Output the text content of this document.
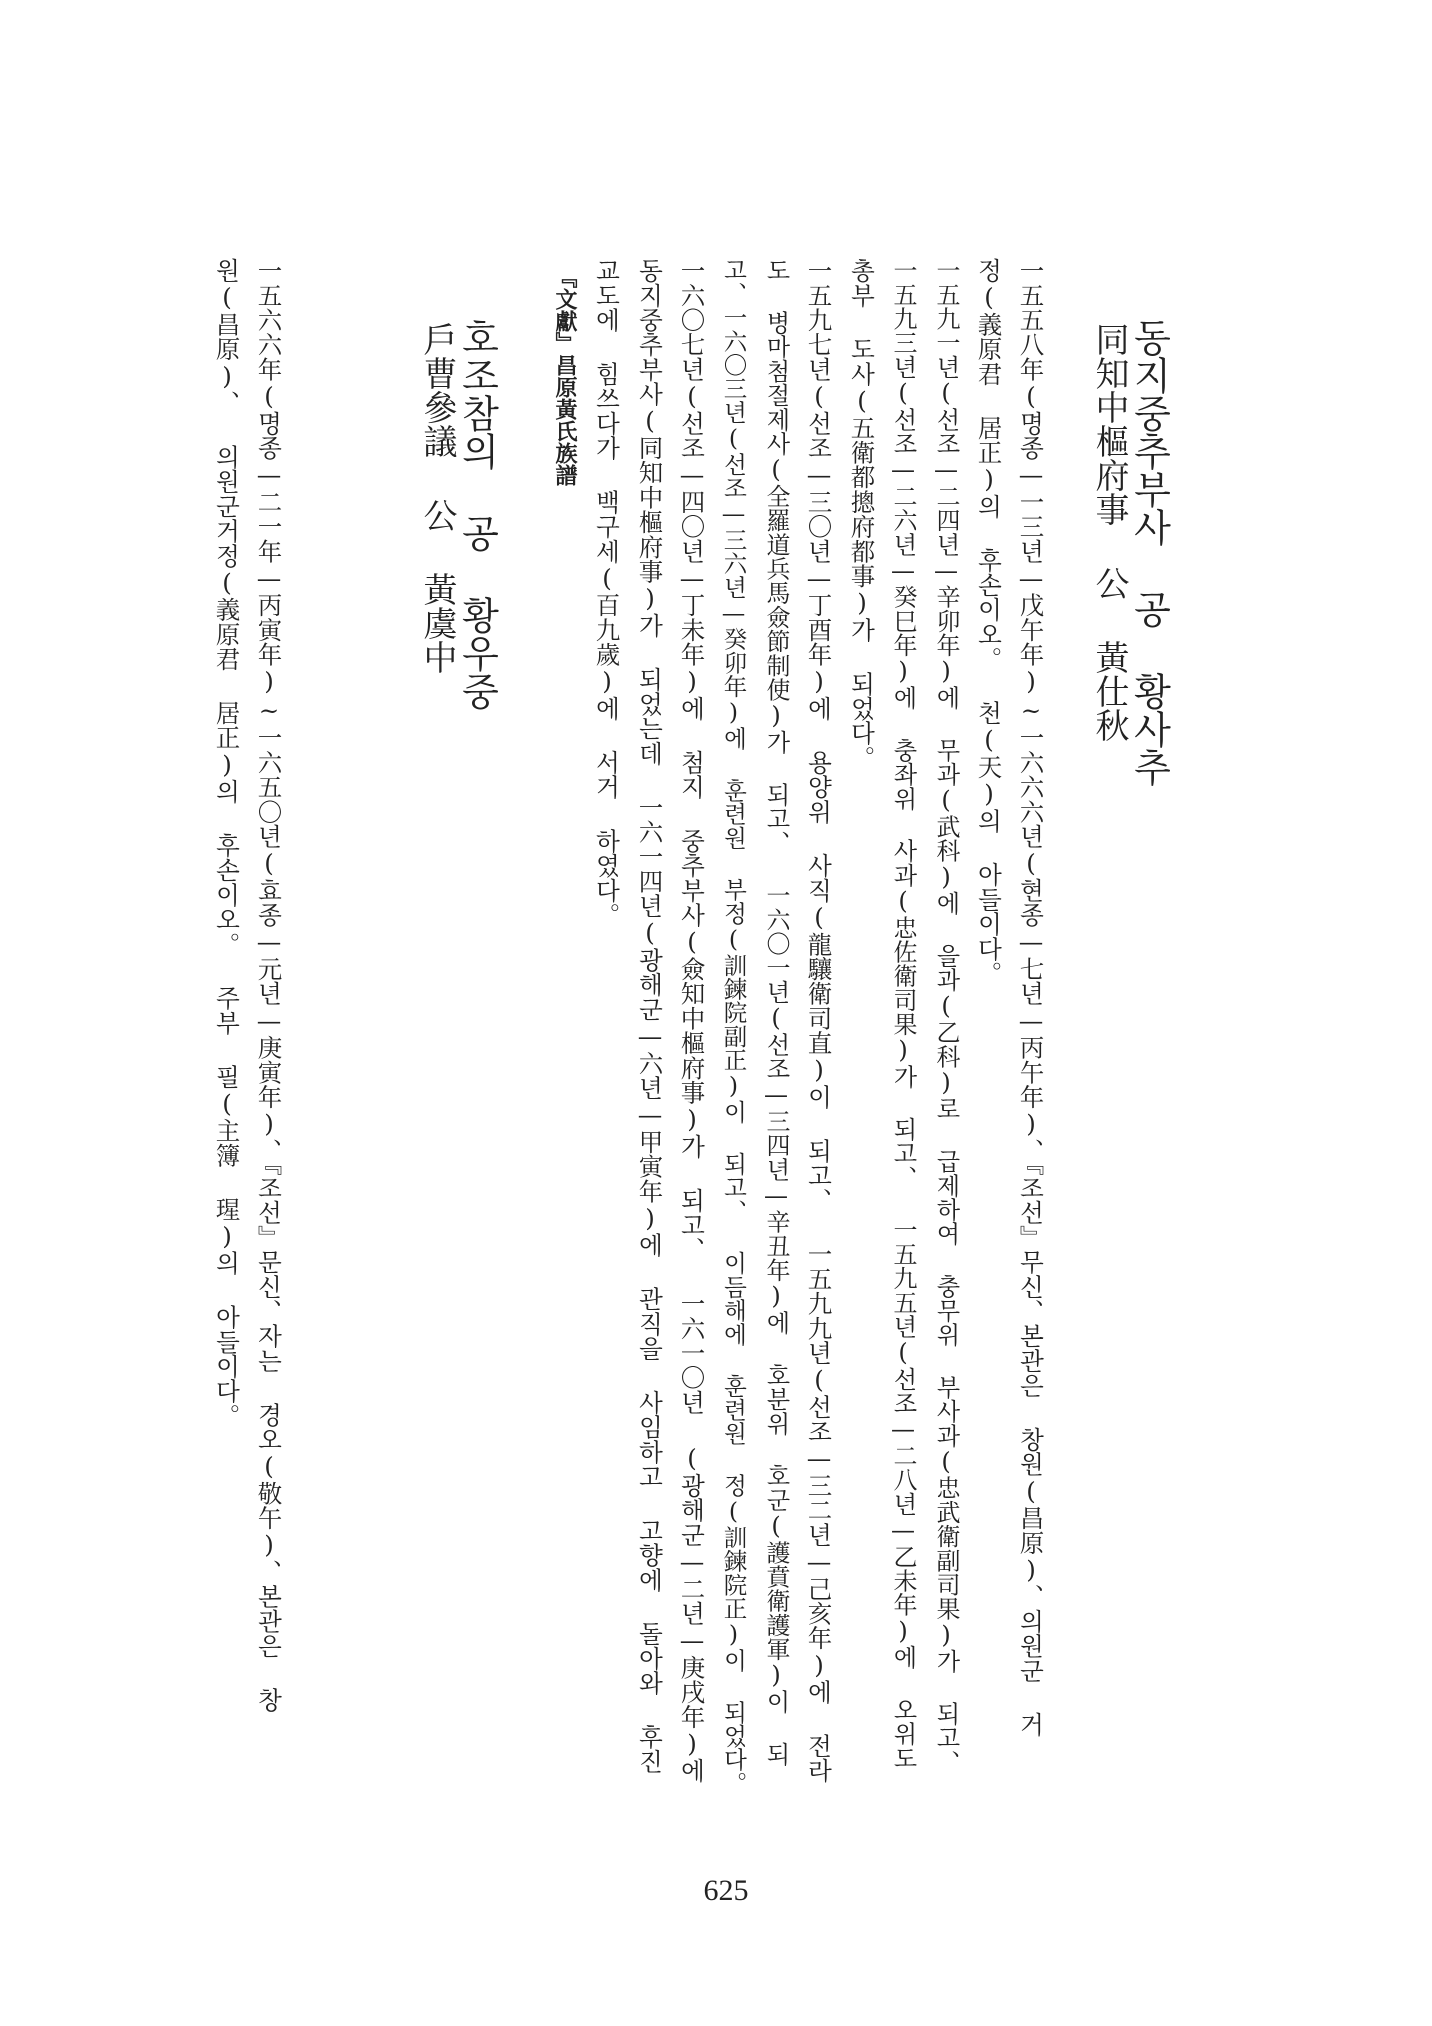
동지중추부사 공 황사추
同知中樞府事 公 黃仕秋
一五五八年(명종—一三년—戊午年)~一六六六년(현종—七년—丙午年)、『조선』무신、본관은 창원(昌原)、의원군 거
정(義原君 居正)의 후손이오。 천(天)의 아들이다。
一五九一년(선조—二四년—辛卯年)에 무과(武科)에 을과(乙科)로 급제하여 충무위 부사과(忠武衛副司果)가 되고、
一五九三년(선조—二六년—癸巳年)에 충좌위 사과(忠佐衛司果)가 되고、 一五九五년(선조—二八년—乙未年)에 오위도
총부 도사(五衛都摠府都事)가 되었다。
一五九七년(선조—三〇년—丁酉年)에 용양위 사직(龍驤衛司直)이 되고、 一五九九년(선조—三二년—己亥年)에 전라
도 병마첨절제사(全羅道兵馬僉節制使)가 되고、 一六〇一년(선조—三四년—辛丑年)에 호분위 호군(護賁衛護軍)이 되
고、一六〇三년(선조—三六년—癸卯年)에 훈련원 부정(訓鍊院副正)이 되고、 이듬해에 훈련원 정(訓鍊院正)이 되었다。
一六〇七년(선조—四〇년—丁未年)에 첨지 중추부사(僉知中樞府事)가 되고、 一六一〇년 (광해군—二년—庚戌年)에
동지중추부사(同知中樞府事)가 되었는데 一六一四년(광해군—六년—甲寅年)에 관직을 사임하고 고향에 돌아와 후진
교도에 힘쓰다가 백구세(百九歲)에 서거 하였다。
『文獻』昌原黃氏族譜
호조참의 공 황우중
戶曹參議 公 黃虞中
一五六六年(명종—二一年—丙寅年)~一六五〇년(효종—元년—庚寅年)、『조선』문신、자는 경오(敬午)、본관은 창
원(昌原)、 의원군거정(義原君 居正)의 후손이오。 주부 필(主簿 瑆)의 아들이다。
625
